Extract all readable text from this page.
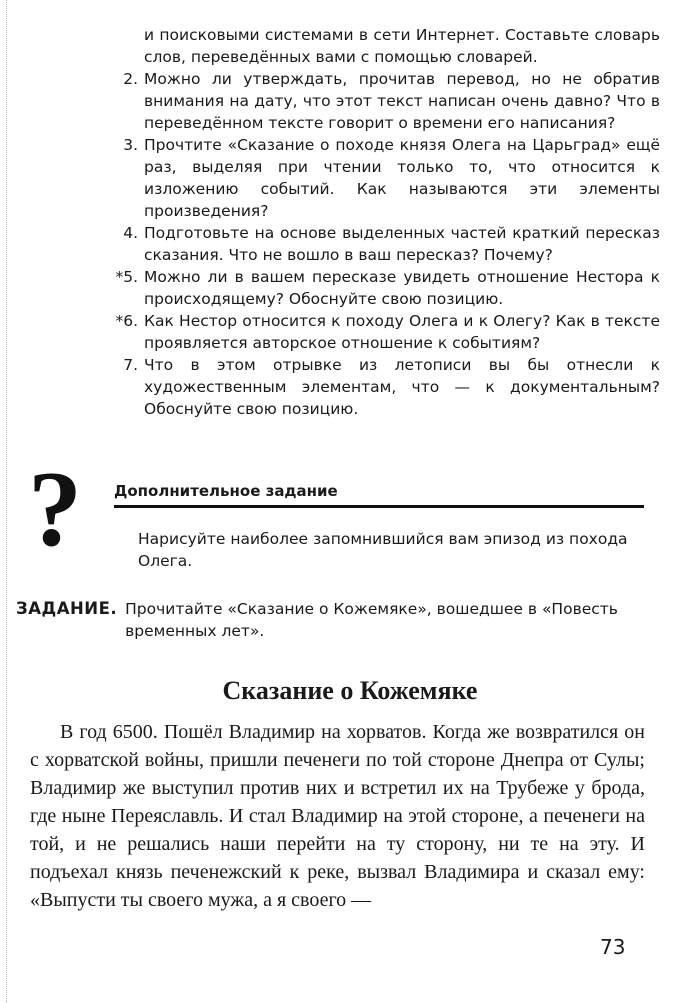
и поисковыми системами в сети Интернет. Составьте словарь слов, переведённых вами с помощью словарей.
2. Можно ли утверждать, прочитав перевод, но не обратив внимания на дату, что этот текст написан очень давно? Что в переведённом тексте говорит о времени его написания?
3. Прочтите «Сказание о походе князя Олега на Царьград» ещё раз, выделяя при чтении только то, что относится к изложению событий. Как называются эти элементы произведения?
4. Подготовьте на основе выделенных частей краткий пересказ сказания. Что не вошло в ваш пересказ? Почему?
*5. Можно ли в вашем пересказе увидеть отношение Нестора к происходящему? Обоснуйте свою позицию.
*6. Как Нестор относится к походу Олега и к Олегу? Как в тексте проявляется авторское отношение к событиям?
7. Что в этом отрывке из летописи вы бы отнесли к художественным элементам, что — к документальным? Обоснуйте свою позицию.
? Дополнительное задание
Нарисуйте наиболее запомнившийся вам эпизод из похода Олега.
ЗАДАНИЕ. Прочитайте «Сказание о Кожемяке», вошедшее в «Повесть временных лет».
Сказание о Кожемяке

В год 6500. Пошёл Владимир на хорватов. Когда же возвратился он с хорватской войны, пришли печенеги по той стороне Днепра от Сулы; Владимир же выступил против них и встретил их на Трубеже у брода, где ныне Переяславль. И стал Владимир на этой стороне, а печенеги на той, и не решались наши перейти на ту сторону, ни те на эту. И подъехал князь печенежский к реке, вызвал Владимира и сказал ему: «Выпусти ты своего мужа, а я своего —

73
